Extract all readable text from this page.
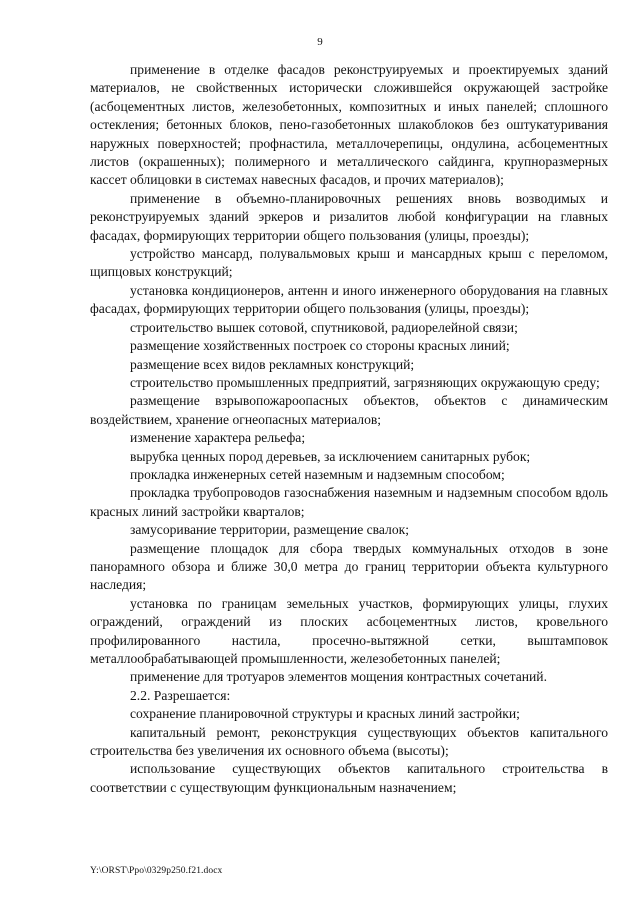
9

применение в отделке фасадов реконструируемых и проектируемых зданий материалов, не свойственных исторически сложившейся окружающей застройке (асбоцементных листов, железобетонных, композитных и иных панелей; сплошного остекления; бетонных блоков, пено-газобетонных шлакоблоков без оштукатуривания наружных поверхностей; профнастила, металлочерепицы, ондулина, асбоцементных листов (окрашенных); полимерного и металлического сайдинга, крупноразмерных кассет облицовки в системах навесных фасадов, и прочих материалов);

применение в объемно-планировочных решениях вновь возводимых и реконструируемых зданий эркеров и ризалитов любой конфигурации на главных фасадах, формирующих территории общего пользования (улицы, проезды);

устройство мансард, полувальмовых крыш и мансардных крыш с переломом, щипцовых конструкций;

установка кондиционеров, антенн и иного инженерного оборудования на главных фасадах, формирующих территории общего пользования (улицы, проезды);

строительство вышек сотовой, спутниковой, радиорелейной связи;

размещение хозяйственных построек со стороны красных линий;

размещение всех видов рекламных конструкций;

строительство промышленных предприятий, загрязняющих окружающую среду;

размещение взрывопожароопасных объектов, объектов с динамическим воздействием, хранение огнеопасных материалов;

изменение характера рельефа;

вырубка ценных пород деревьев, за исключением санитарных рубок;

прокладка инженерных сетей наземным и надземным способом;

прокладка трубопроводов газоснабжения наземным и надземным способом вдоль красных линий застройки кварталов;

замусоривание территории, размещение свалок;

размещение площадок для сбора твердых коммунальных отходов в зоне панорамного обзора и ближе 30,0 метра до границ территории объекта культурного наследия;

установка по границам земельных участков, формирующих улицы, глухих ограждений, ограждений из плоских асбоцементных листов, кровельного профилированного настила, просечно-вытяжной сетки, выштамповок металлообрабатывающей промышленности, железобетонных панелей;

применение для тротуаров элементов мощения контрастных сочетаний.

2.2. Разрешается:

сохранение планировочной структуры и красных линий застройки;

капитальный ремонт, реконструкция существующих объектов капитального строительства без увеличения их основного объема (высоты);

использование существующих объектов капитального строительства в соответствии с существующим функциональным назначением;

Y:\ORST\Ppo\0329p250.f21.docx
